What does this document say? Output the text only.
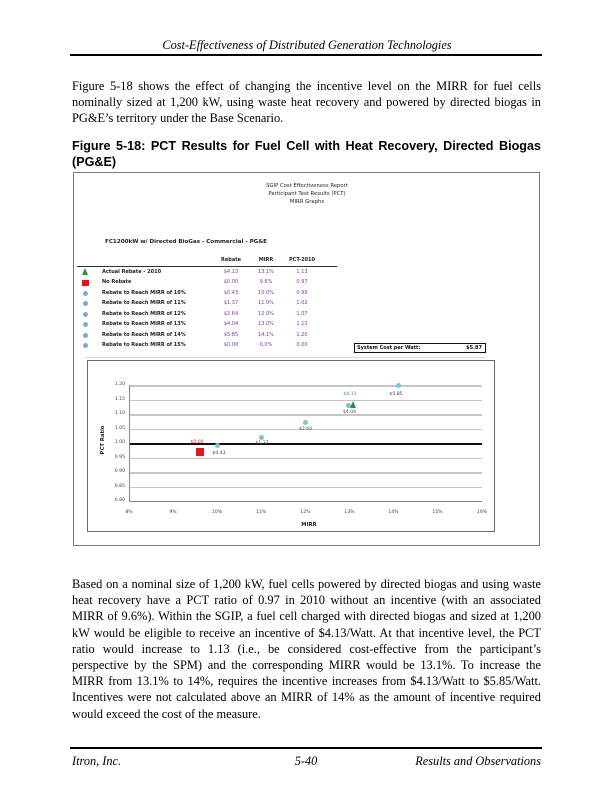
Cost-Effectiveness of Distributed Generation Technologies

Figure 5-18 shows the effect of changing the incentive level on the MIRR for fuel cells nominally sized at 1,200 kW, using waste heat recovery and powered by directed biogas in PG&E’s territory under the Base Scenario.

Figure 5-18: PCT Results for Fuel Cell with Heat Recovery, Directed Biogas (PG&E)
SGIP Cost Effectiveness Report
Participant Test Results (PCT)
MIRR Graphs
FC1200kW w/ Directed BioGas - Commercial - PG&E
Rebate	MIRR	PCT-2010
Actual Rebate - 2010	$4.13	13.1%	1.13
No Rebate	$0.00	9.6%	0.97
Rebate to Reach MIRR of 10%	$0.43	10.0%	0.99
Rebate to Reach MIRR of 11%	$1.37	11.0%	1.02
Rebate to Reach MIRR of 12%	$2.64	12.0%	1.07
Rebate to Reach MIRR of 13%	$4.04	13.0%	1.13
Rebate to Reach MIRR of 14%	$5.85	14.1%	1.20
Rebate to Reach MIRR of 15%	$0.00	0.0%	0.00	System Cost per Watt:	$5.87
1.20
1.15
1.10
1.05
1.00
0.95
0.90
0.85
0.80
8%	9%	10%	11%	12%	13%	14%	15%	16%
PCT Ratio
MIRR
$0.00
$0.43
$1.37
$2.64
$4.04
$4.13	$5.85

Based on a nominal size of 1,200 kW, fuel cells powered by directed biogas and using waste heat recovery have a PCT ratio of 0.97 in 2010 without an incentive (with an associated MIRR of 9.6%). Within the SGIP, a fuel cell charged with directed biogas and sized at 1,200 kW would be eligible to receive an incentive of $4.13/Watt. At that incentive level, the PCT ratio would increase to 1.13 (i.e., be considered cost-effective from the participant’s perspective by the SPM) and the corresponding MIRR would be 13.1%. To increase the MIRR from 13.1% to 14%, requires the incentive increases from $4.13/Watt to $5.85/Watt. Incentives were not calculated above an MIRR of 14% as the amount of incentive required would exceed the cost of the measure.

Itron, Inc.	5-40	Results and Observations
